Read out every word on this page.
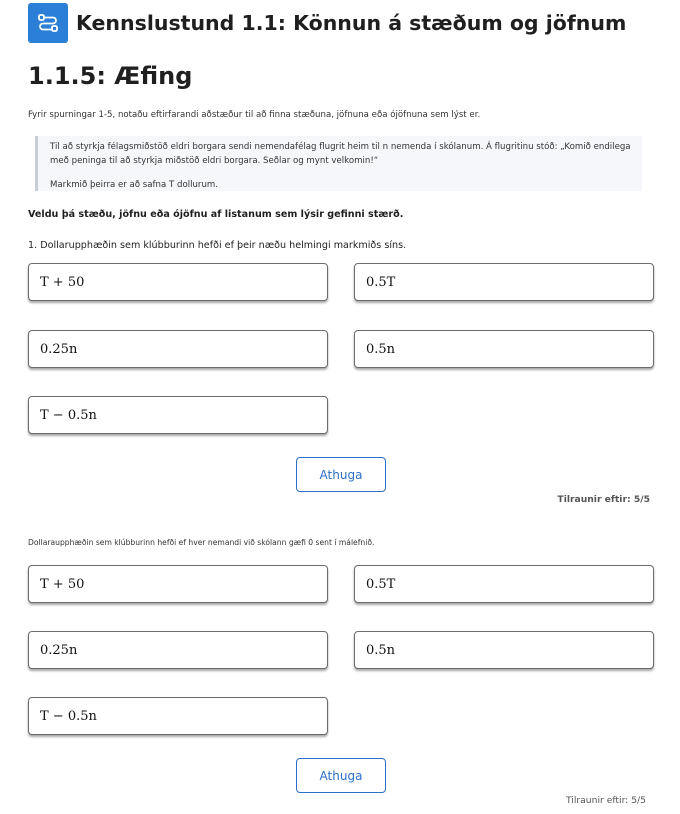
Kennslustund 1.1: Könnun á stæðum og jöfnum
1.1.5: Æfing
Fyrir spurningar 1-5, notaðu eftirfarandi aðstæður til að finna stæðuna, jöfnuna eða ójöfnuna sem lýst er.

Til að styrkja félagsmiðstöð eldri borgara sendi nemendafélag flugrit heim til n nemenda í skólanum. Á flugritinu stóð: „Komið endilega með peninga til að styrkja miðstöð eldri borgara. Seðlar og mynt velkomin!“

Markmið þeirra er að safna T dollurum.

Veldu þá stæðu, jöfnu eða ójöfnu af listanum sem lýsir gefinni stærð.
1. Dollarupphæðin sem klúbburinn hefði ef þeir næðu helmingi markmiðs síns.
T + 50	0.5T
0.25n	0.5n
T − 0.5n
Athuga
Tilraunir eftir: 5/5
Dollaraupphæðin sem klúbburinn hefði ef hver nemandi við skólann gæfi 0 sent í málefnið.
T + 50	0.5T
0.25n	0.5n
T − 0.5n
Athuga
Tilraunir eftir: 5/5
